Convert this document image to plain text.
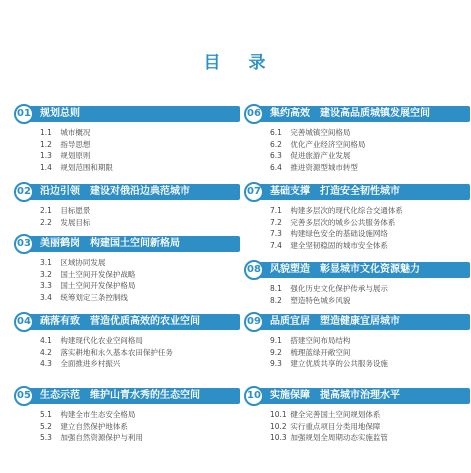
目 录
01 规划总则
1.1 城市概况
1.2 指导思想
1.3 规划原则
1.4 规划范围和期限
02 沿边引领　建设对俄沿边典范城市
2.1 目标愿景
2.2 发展目标
03 美丽鹤岗　构建国土空间新格局
3.1 区域协同发展
3.2 国土空间开发保护战略
3.3 国土空间开发保护格局
3.4 统筹划定三条控制线
04 疏落有致　营造优质高效的农业空间
4.1 构建现代化农业空间格局
4.2 落实耕地和永久基本农田保护任务
4.3 全面推进乡村振兴
05 生态示范　维护山青水秀的生态空间
5.1 构建全市生态安全格局
5.2 建立自然保护地体系
5.3 加强自然资源保护与利用
06 集约高效　建设高品质城镇发展空间
6.1 完善城镇空间格局
6.2 优化产业经济空间格局
6.3 促进旅游产业发展
6.4 推进资源型城市转型
07 基础支撑　打造安全韧性城市
7.1 构建多层次的现代化综合交通体系
7.2 完善多层次的城乡公共服务体系
7.3 构建绿色安全的基础设施网络
7.4 建全坚韧稳固的城市安全体系
08 风貌塑造　彰显城市文化资源魅力
8.1 强化历史文化保护传承与展示
8.2 塑造特色城乡风貌
09 品质宜居　塑造健康宜居城市
9.1 搭建空间布局结构
9.2 梳理蓝绿开敞空间
9.3 建立优质共享的公共服务设施
10 实施保障　提高城市治理水平
10.1 健全完善国土空间规划体系
10.2 实行重点项目分类用地保障
10.3 加强规划全周期动态实施监管
